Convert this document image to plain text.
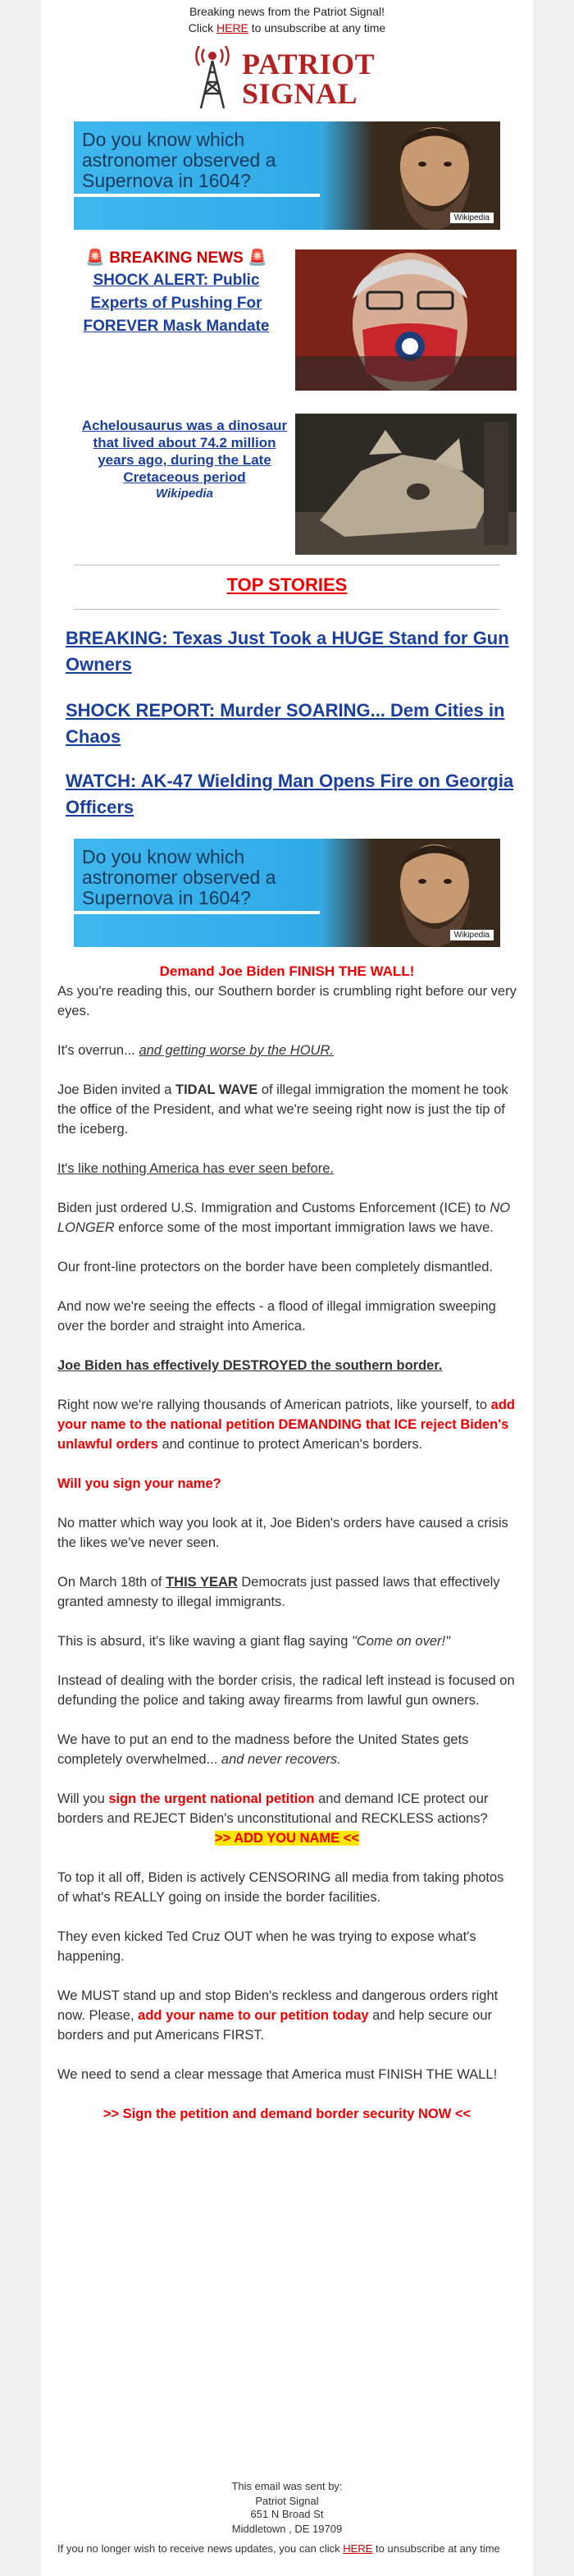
Breaking news from the Patriot Signal!
Click HERE to unsubscribe at any time
PATRIOT
SIGNAL
Do you know which astronomer observed a Supernova in 1604?
Wikipedia
🚨 BREAKING NEWS 🚨
SHOCK ALERT: Public Experts of Pushing For FOREVER Mask Mandate
Achelousaurus was a dinosaur that lived about 74.2 million years ago, during the Late Cretaceous period
Wikipedia
TOP STORIES
BREAKING: Texas Just Took a HUGE Stand for Gun Owners
SHOCK REPORT: Murder SOARING... Dem Cities in Chaos
WATCH: AK-47 Wielding Man Opens Fire on Georgia Officers
Do you know which astronomer observed a Supernova in 1604?
Wikipedia
Demand Joe Biden FINISH THE WALL!

As you're reading this, our Southern border is crumbling right before our very eyes.

It's overrun... and getting worse by the HOUR.

Joe Biden invited a TIDAL WAVE of illegal immigration the moment he took the office of the President, and what we're seeing right now is just the tip of the iceberg.

It's like nothing America has ever seen before.

Biden just ordered U.S. Immigration and Customs Enforcement (ICE) to NO LONGER enforce some of the most important immigration laws we have.

Our front-line protectors on the border have been completely dismantled.

And now we're seeing the effects - a flood of illegal immigration sweeping over the border and straight into America.

Joe Biden has effectively DESTROYED the southern border.

Right now we're rallying thousands of American patriots, like yourself, to add your name to the national petition DEMANDING that ICE reject Biden's unlawful orders and continue to protect American's borders.

Will you sign your name?

No matter which way you look at it, Joe Biden's orders have caused a crisis the likes we've never seen.

On March 18th of THIS YEAR Democrats just passed laws that effectively granted amnesty to illegal immigrants.

This is absurd, it's like waving a giant flag saying "Come on over!"

Instead of dealing with the border crisis, the radical left instead is focused on defunding the police and taking away firearms from lawful gun owners.

We have to put an end to the madness before the United States gets completely overwhelmed... and never recovers.

Will you sign the urgent national petition and demand ICE protect our borders and REJECT Biden's unconstitutional and RECKLESS actions?

>> ADD YOU NAME <<

To top it all off, Biden is actively CENSORING all media from taking photos of what's REALLY going on inside the border facilities.

They even kicked Ted Cruz OUT when he was trying to expose what's happening.

We MUST stand up and stop Biden's reckless and dangerous orders right now. Please, add your name to our petition today and help secure our borders and put Americans FIRST.

We need to send a clear message that America must FINISH THE WALL!

>> Sign the petition and demand border security NOW <<

This email was sent by:
Patriot Signal
651 N Broad St
Middletown , DE 19709
If you no longer wish to receive news updates, you can click HERE to unsubscribe at any time
